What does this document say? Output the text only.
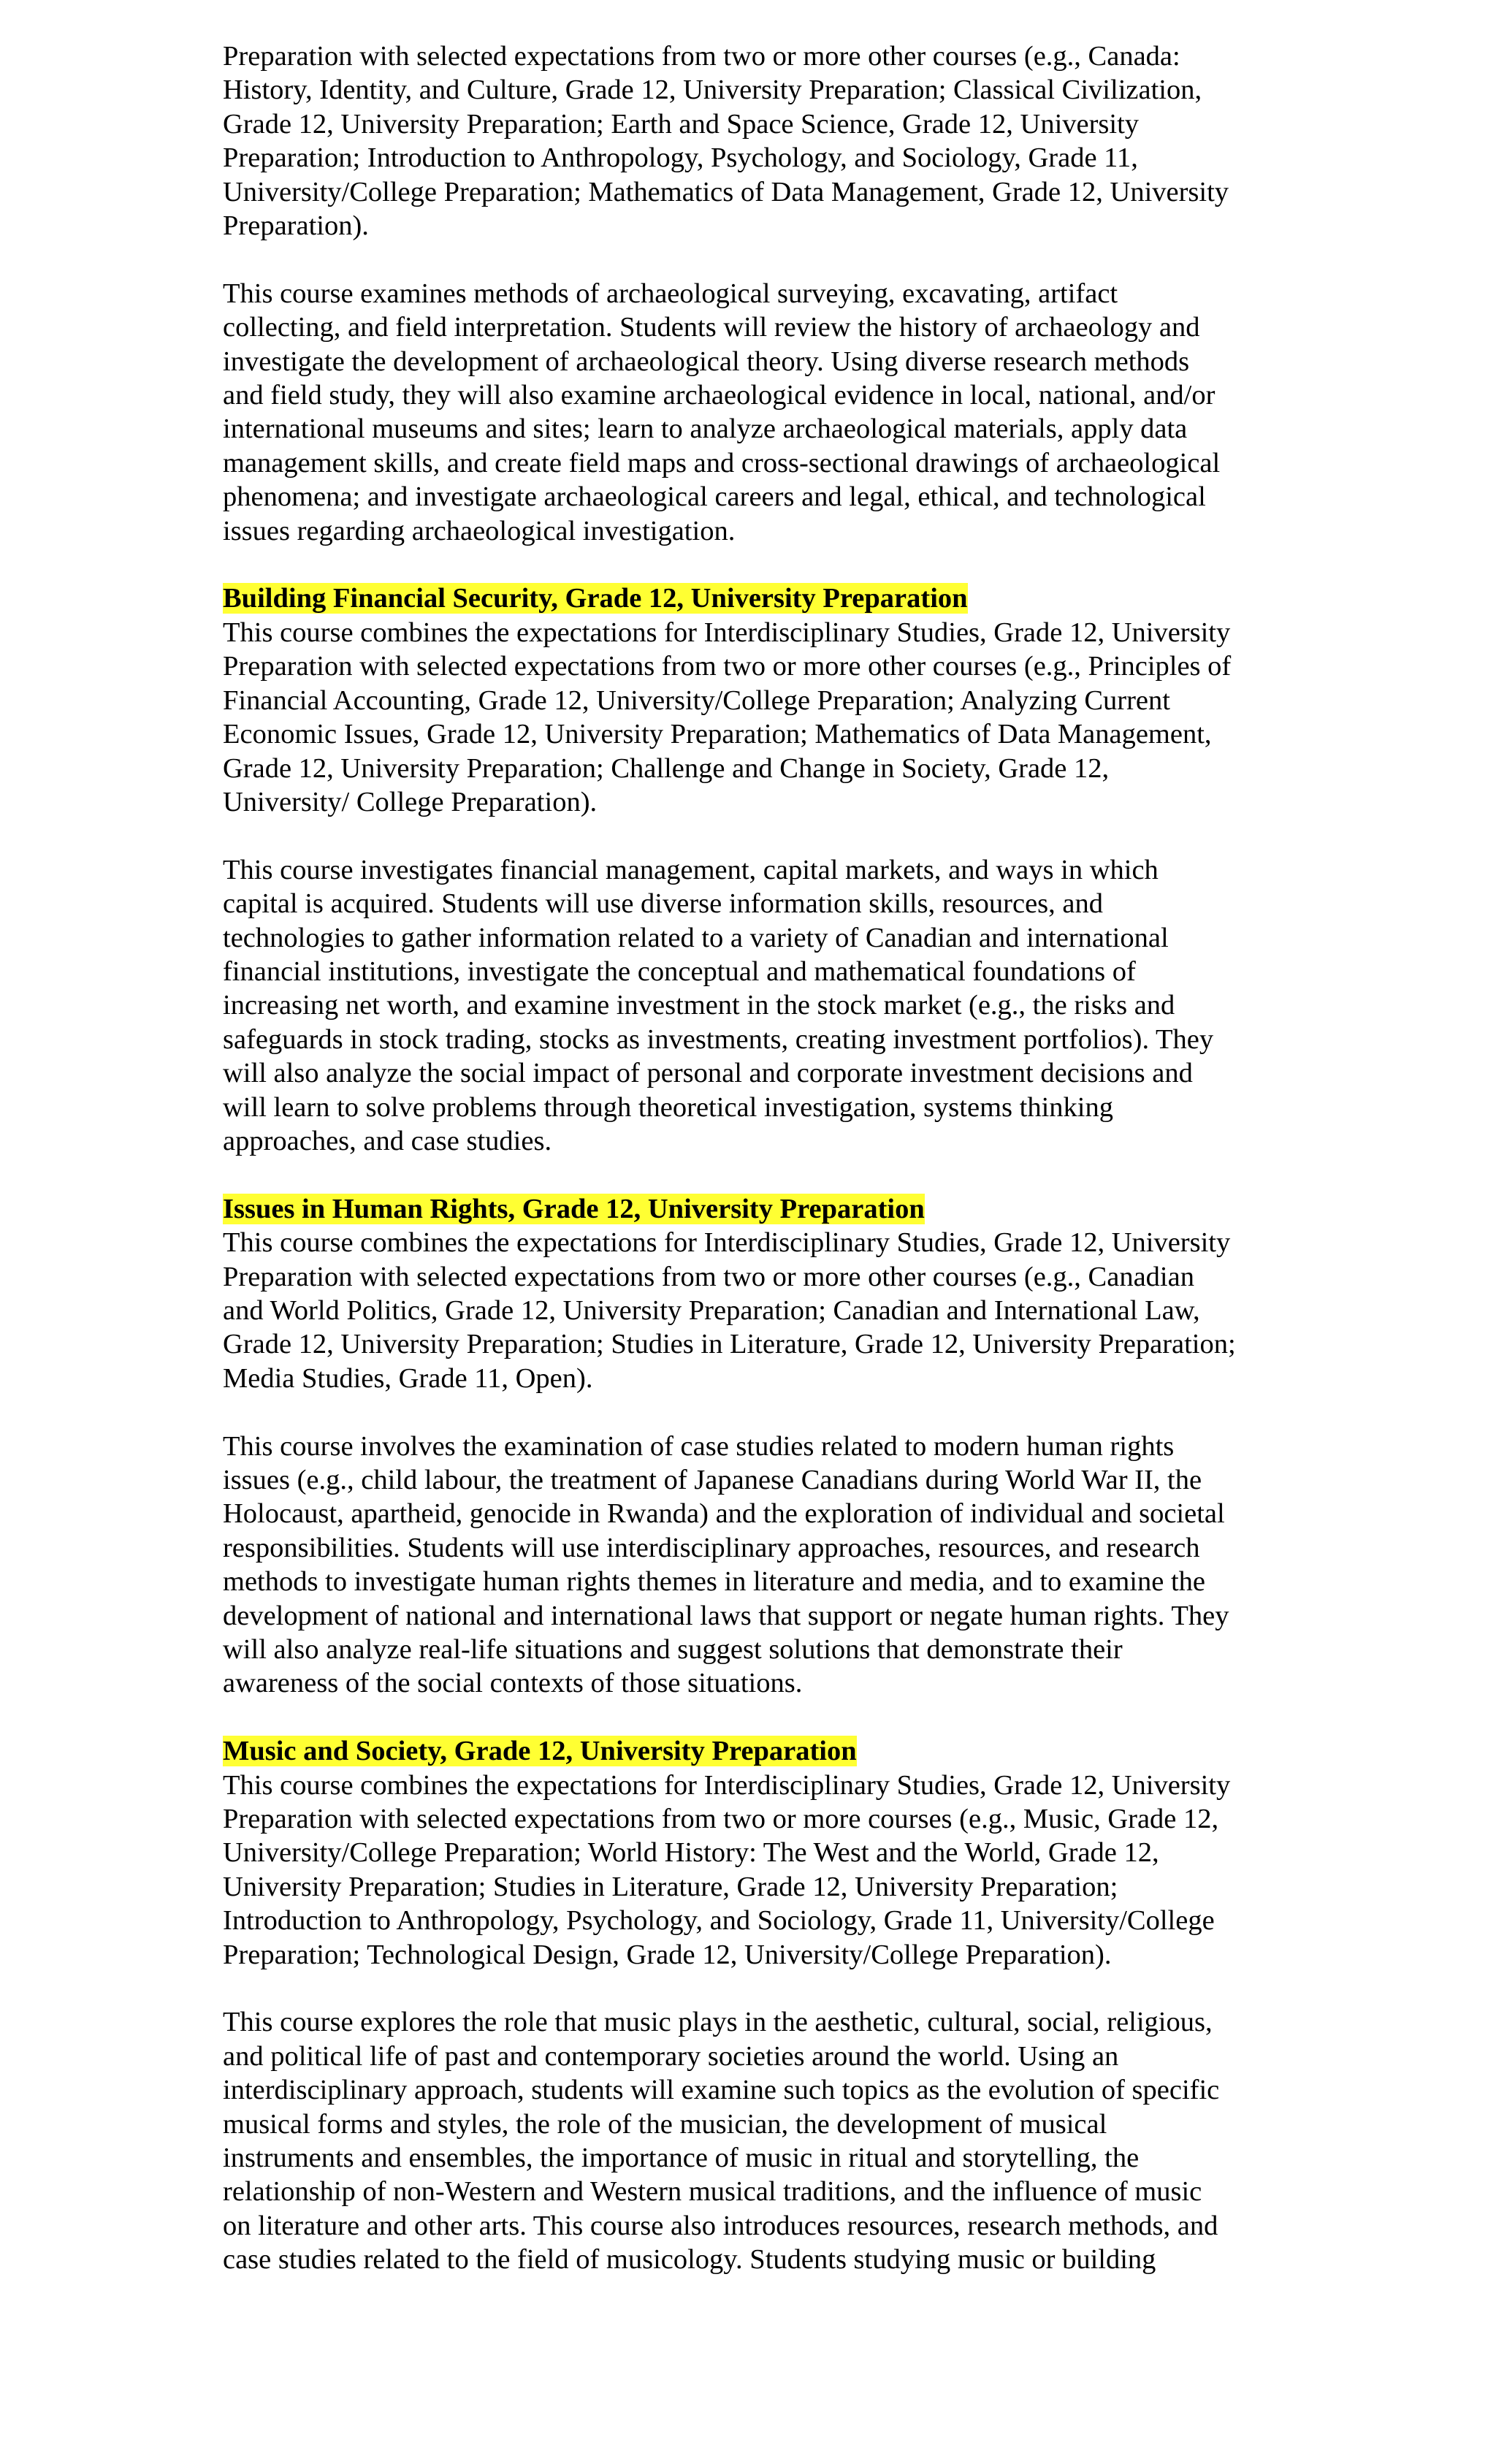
Preparation with selected expectations from two or more other courses (e.g., Canada:
History, Identity, and Culture, Grade 12, University Preparation; Classical Civilization,
Grade 12, University Preparation; Earth and Space Science, Grade 12, University
Preparation; Introduction to Anthropology, Psychology, and Sociology, Grade 11,
University/College Preparation; Mathematics of Data Management, Grade 12, University
Preparation).

This course examines methods of archaeological surveying, excavating, artifact
collecting, and field interpretation. Students will review the history of archaeology and
investigate the development of archaeological theory. Using diverse research methods
and field study, they will also examine archaeological evidence in local, national, and/or
international museums and sites; learn to analyze archaeological materials, apply data
management skills, and create field maps and cross-sectional drawings of archaeological
phenomena; and investigate archaeological careers and legal, ethical, and technological
issues regarding archaeological investigation.

Building Financial Security, Grade 12, University Preparation

This course combines the expectations for Interdisciplinary Studies, Grade 12, University
Preparation with selected expectations from two or more other courses (e.g., Principles of
Financial Accounting, Grade 12, University/College Preparation; Analyzing Current
Economic Issues, Grade 12, University Preparation; Mathematics of Data Management,
Grade 12, University Preparation; Challenge and Change in Society, Grade 12,
University/ College Preparation).

This course investigates financial management, capital markets, and ways in which
capital is acquired. Students will use diverse information skills, resources, and
technologies to gather information related to a variety of Canadian and international
financial institutions, investigate the conceptual and mathematical foundations of
increasing net worth, and examine investment in the stock market (e.g., the risks and
safeguards in stock trading, stocks as investments, creating investment portfolios). They
will also analyze the social impact of personal and corporate investment decisions and
will learn to solve problems through theoretical investigation, systems thinking
approaches, and case studies.

Issues in Human Rights, Grade 12, University Preparation

This course combines the expectations for Interdisciplinary Studies, Grade 12, University
Preparation with selected expectations from two or more other courses (e.g., Canadian
and World Politics, Grade 12, University Preparation; Canadian and International Law,
Grade 12, University Preparation; Studies in Literature, Grade 12, University Preparation;
Media Studies, Grade 11, Open).

This course involves the examination of case studies related to modern human rights
issues (e.g., child labour, the treatment of Japanese Canadians during World War II, the
Holocaust, apartheid, genocide in Rwanda) and the exploration of individual and societal
responsibilities. Students will use interdisciplinary approaches, resources, and research
methods to investigate human rights themes in literature and media, and to examine the
development of national and international laws that support or negate human rights. They
will also analyze real-life situations and suggest solutions that demonstrate their
awareness of the social contexts of those situations.

Music and Society, Grade 12, University Preparation

This course combines the expectations for Interdisciplinary Studies, Grade 12, University
Preparation with selected expectations from two or more courses (e.g., Music, Grade 12,
University/College Preparation; World History: The West and the World, Grade 12,
University Preparation; Studies in Literature, Grade 12, University Preparation;
Introduction to Anthropology, Psychology, and Sociology, Grade 11, University/College
Preparation; Technological Design, Grade 12, University/College Preparation).

This course explores the role that music plays in the aesthetic, cultural, social, religious,
and political life of past and contemporary societies around the world. Using an
interdisciplinary approach, students will examine such topics as the evolution of specific
musical forms and styles, the role of the musician, the development of musical
instruments and ensembles, the importance of music in ritual and storytelling, the
relationship of non-Western and Western musical traditions, and the influence of music
on literature and other arts. This course also introduces resources, research methods, and
case studies related to the field of musicology. Students studying music or building
